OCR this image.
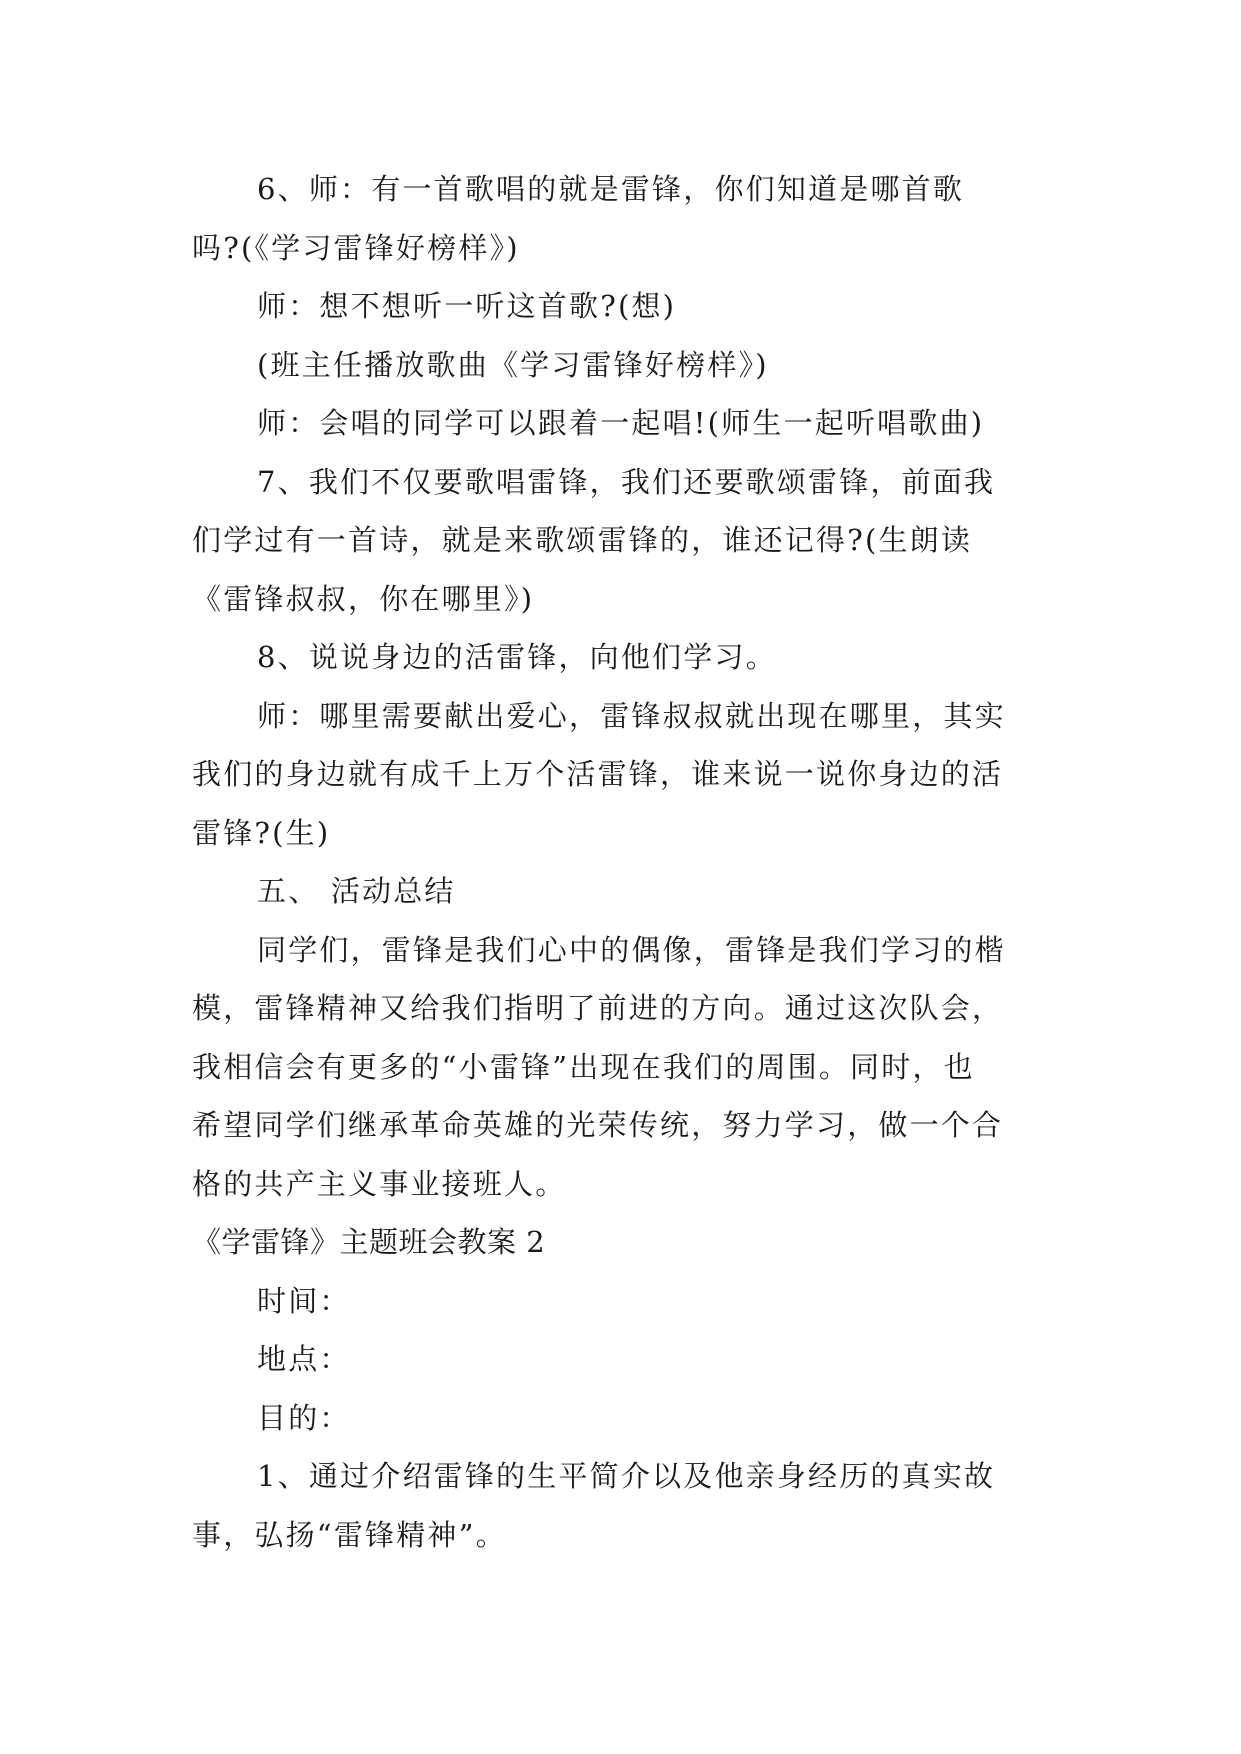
6、师：有一首歌唱的就是雷锋，你们知道是哪首歌
吗?(《学习雷锋好榜样》)
师：想不想听一听这首歌?(想)
(班主任播放歌曲《学习雷锋好榜样》)
师：会唱的同学可以跟着一起唱!(师生一起听唱歌曲)
7、我们不仅要歌唱雷锋，我们还要歌颂雷锋，前面我
们学过有一首诗，就是来歌颂雷锋的，谁还记得?(生朗读
《雷锋叔叔，你在哪里》)
8、说说身边的活雷锋，向他们学习。
师：哪里需要献出爱心，雷锋叔叔就出现在哪里，其实
我们的身边就有成千上万个活雷锋，谁来说一说你身边的活
雷锋?(生)
五、 活动总结
同学们，雷锋是我们心中的偶像，雷锋是我们学习的楷
模，雷锋精神又给我们指明了前进的方向。通过这次队会，
我相信会有更多的“小雷锋”出现在我们的周围。同时，也
希望同学们继承革命英雄的光荣传统，努力学习，做一个合
格的共产主义事业接班人。
《学雷锋》主题班会教案 2
时间：
地点：
目的：
1、通过介绍雷锋的生平简介以及他亲身经历的真实故
事，弘扬“雷锋精神”。
